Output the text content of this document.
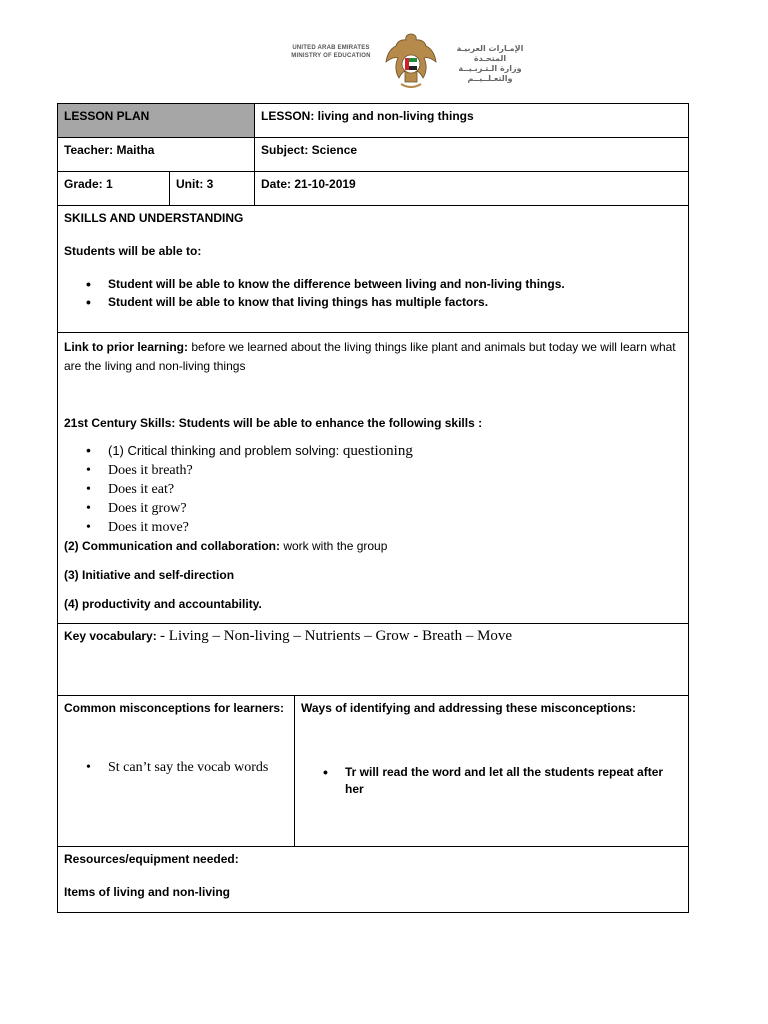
UNITED ARAB EMIRATES
MINISTRY OF EDUCATION
الإمـارات العربيـة المتحـدة
وزارة الـتـربـيــة والتعـلــيــم
LESSON PLAN	LESSON: living and non-living things
Teacher: Maitha	Subject: Science
Grade: 1	Unit: 3	Date: 21-10-2019
SKILLS AND UNDERSTANDING
Students will be able to:
• Student will be able to know the difference between living and non-living things.
• Student will be able to know that living things has multiple factors.
Link to prior learning: before we learned about the living things like plant and animals but today we will learn what are the living and non-living things
21st Century Skills: Students will be able to enhance the following skills :
• (1) Critical thinking and problem solving: questioning
• Does it breath?
• Does it eat?
• Does it grow?
• Does it move?
(2) Communication and collaboration: work with the group
(3) Initiative and self-direction
(4) productivity and accountability.
Key vocabulary: - Living – Non-living – Nutrients – Grow - Breath – Move
Common misconceptions for learners:
• St can’t say the vocab words
Ways of identifying and addressing these misconceptions:
• Tr will read the word and let all the students repeat after her
Resources/equipment needed:
Items of living and non-living
